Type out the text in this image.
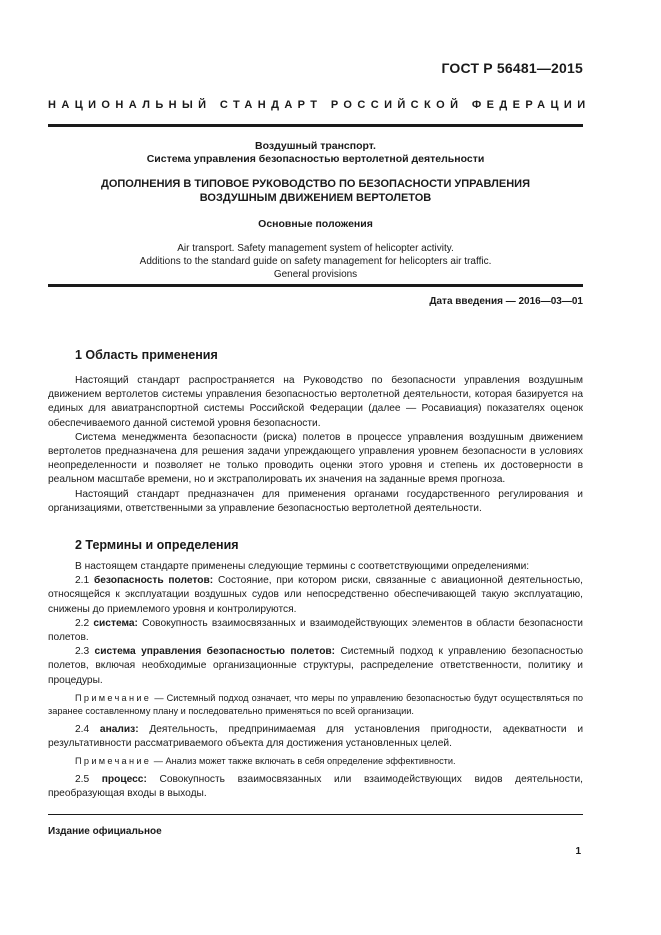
ГОСТ Р 56481—2015
НАЦИОНАЛЬНЫЙ СТАНДАРТ РОССИЙСКОЙ ФЕДЕРАЦИИ
Воздушный транспорт.
Система управления безопасностью вертолетной деятельности
ДОПОЛНЕНИЯ В ТИПОВОЕ РУКОВОДСТВО ПО БЕЗОПАСНОСТИ УПРАВЛЕНИЯ
ВОЗДУШНЫМ ДВИЖЕНИЕМ ВЕРТОЛЕТОВ
Основные положения
Air transport. Safety management system of helicopter activity.
Additions to the standard guide on safety management for helicopters air traffic.
General provisions
Дата введения — 2016—03—01
1 Область применения

Настоящий стандарт распространяется на Руководство по безопасности управления воздушным движением вертолетов системы управления безопасностью вертолетной деятельности, которая базируется на единых для авиатранспортной системы Российской Федерации (далее — Росавиация) показателях оценок обеспечиваемого данной системой уровня безопасности.

Система менеджмента безопасности (риска) полетов в процессе управления воздушным движением вертолетов предназначена для решения задачи упреждающего управления уровнем безопасности в условиях неопределенности и позволяет не только проводить оценки этого уровня и степень их достоверности в реальном масштабе времени, но и экстраполировать их значения на заданные время прогноза.

Настоящий стандарт предназначен для применения органами государственного регулирования и организациями, ответственными за управление безопасностью вертолетной деятельности.

2 Термины и определения

В настоящем стандарте применены следующие термины с соответствующими определениями:

2.1 безопасность полетов: Состояние, при котором риски, связанные с авиационной деятельностью, относящейся к эксплуатации воздушных судов или непосредственно обеспечивающей такую эксплуатацию, снижены до приемлемого уровня и контролируются.

2.2 система: Совокупность взаимосвязанных и взаимодействующих элементов в области безопасности полетов.

2.3 система управления безопасностью полетов: Системный подход к управлению безопасностью полетов, включая необходимые организационные структуры, распределение ответственности, политику и процедуры.

Примечание — Системный подход означает, что меры по управлению безопасностью будут осуществляться по заранее составленному плану и последовательно применяться по всей организации.

2.4 анализ: Деятельность, предпринимаемая для установления пригодности, адекватности и результативности рассматриваемого объекта для достижения установленных целей.

Примечание — Анализ может также включать в себя определение эффективности.

2.5 процесс: Совокупность взаимосвязанных или взаимодействующих видов деятельности, преобразующая входы в выходы.

Издание официальное
1
